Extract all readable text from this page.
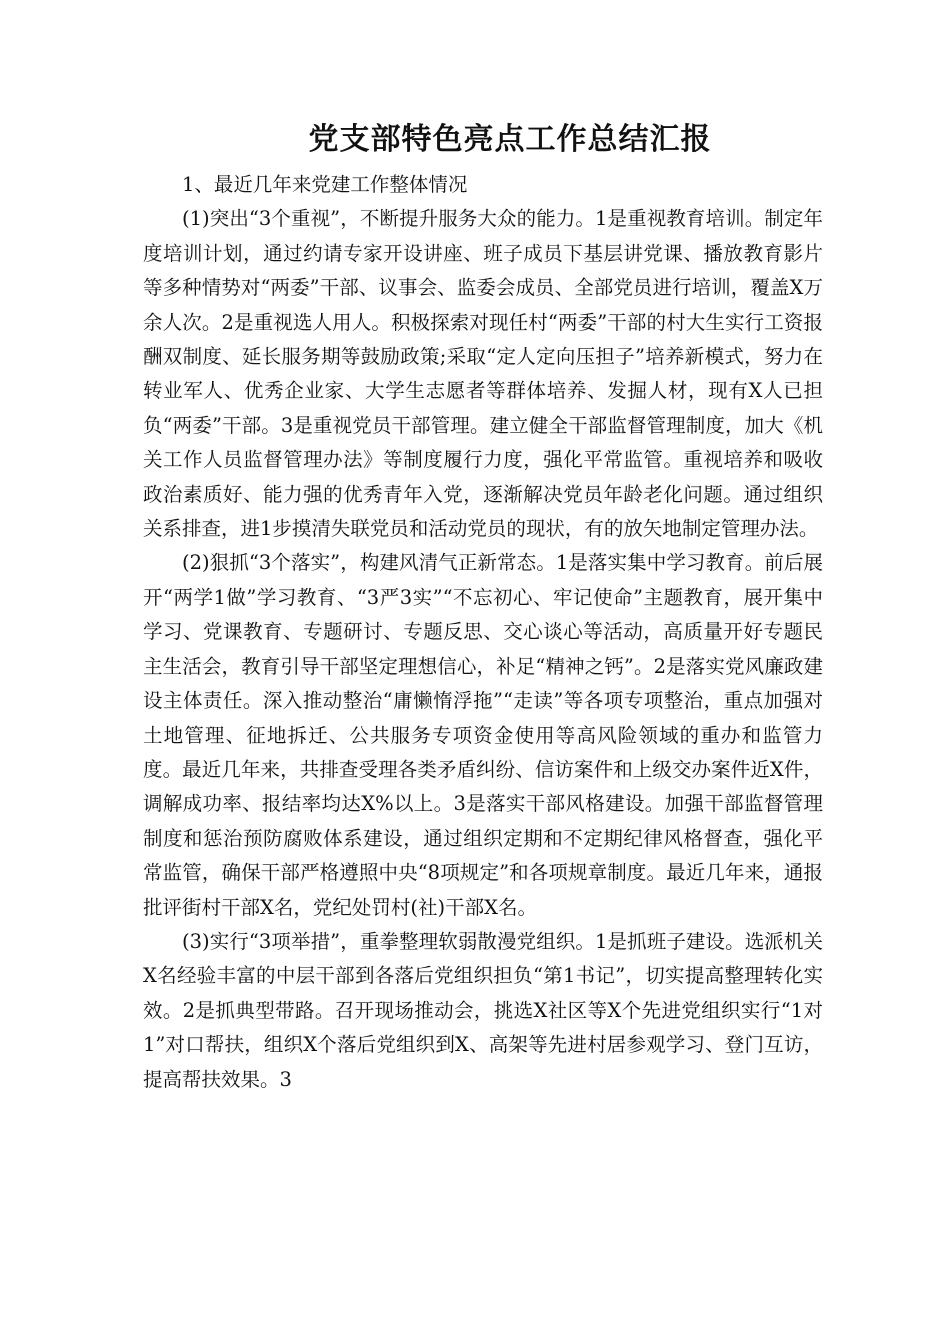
党支部特色亮点工作总结汇报

1、最近几年来党建工作整体情况

(1)突出“3个重视”，不断提升服务大众的能力。1是重视教育培训。制定年度培训计划，通过约请专家开设讲座、班子成员下基层讲党课、播放教育影片等多种情势对“两委”干部、议事会、监委会成员、全部党员进行培训，覆盖X万余人次。2是重视选人用人。积极探索对现任村“两委”干部的村大生实行工资报酬双制度、延长服务期等鼓励政策;采取“定人定向压担子”培养新模式，努力在转业军人、优秀企业家、大学生志愿者等群体培养、发掘人材，现有X人已担负“两委”干部。3是重视党员干部管理。建立健全干部监督管理制度，加大《机关工作人员监督管理办法》等制度履行力度，强化平常监管。重视培养和吸收政治素质好、能力强的优秀青年入党，逐渐解决党员年龄老化问题。通过组织关系排查，进1步摸清失联党员和活动党员的现状，有的放矢地制定管理办法。

(2)狠抓“3个落实”，构建风清气正新常态。1是落实集中学习教育。前后展开“两学1做”学习教育、“3严3实”“不忘初心、牢记使命”主题教育，展开集中学习、党课教育、专题研讨、专题反思、交心谈心等活动，高质量开好专题民主生活会，教育引导干部坚定理想信心，补足“精神之钙”。2是落实党风廉政建设主体责任。深入推动整治“庸懒惰浮拖”“走读”等各项专项整治，重点加强对土地管理、征地拆迁、公共服务专项资金使用等高风险领域的重办和监管力度。最近几年来，共排查受理各类矛盾纠纷、信访案件和上级交办案件近X件，调解成功率、报结率均达X%以上。3是落实干部风格建设。加强干部监督管理制度和惩治预防腐败体系建设，通过组织定期和不定期纪律风格督查，强化平常监管，确保干部严格遵照中央“8项规定”和各项规章制度。最近几年来，通报批评街村干部X名，党纪处罚村(社)干部X名。

(3)实行“3项举措”，重拳整理软弱散漫党组织。1是抓班子建设。选派机关X名经验丰富的中层干部到各落后党组织担负“第1书记”，切实提高整理转化实效。2是抓典型带路。召开现场推动会，挑选X社区等X个先进党组织实行“1对1”对口帮扶，组织X个落后党组织到X、高架等先进村居参观学习、登门互访，提高帮扶效果。3
